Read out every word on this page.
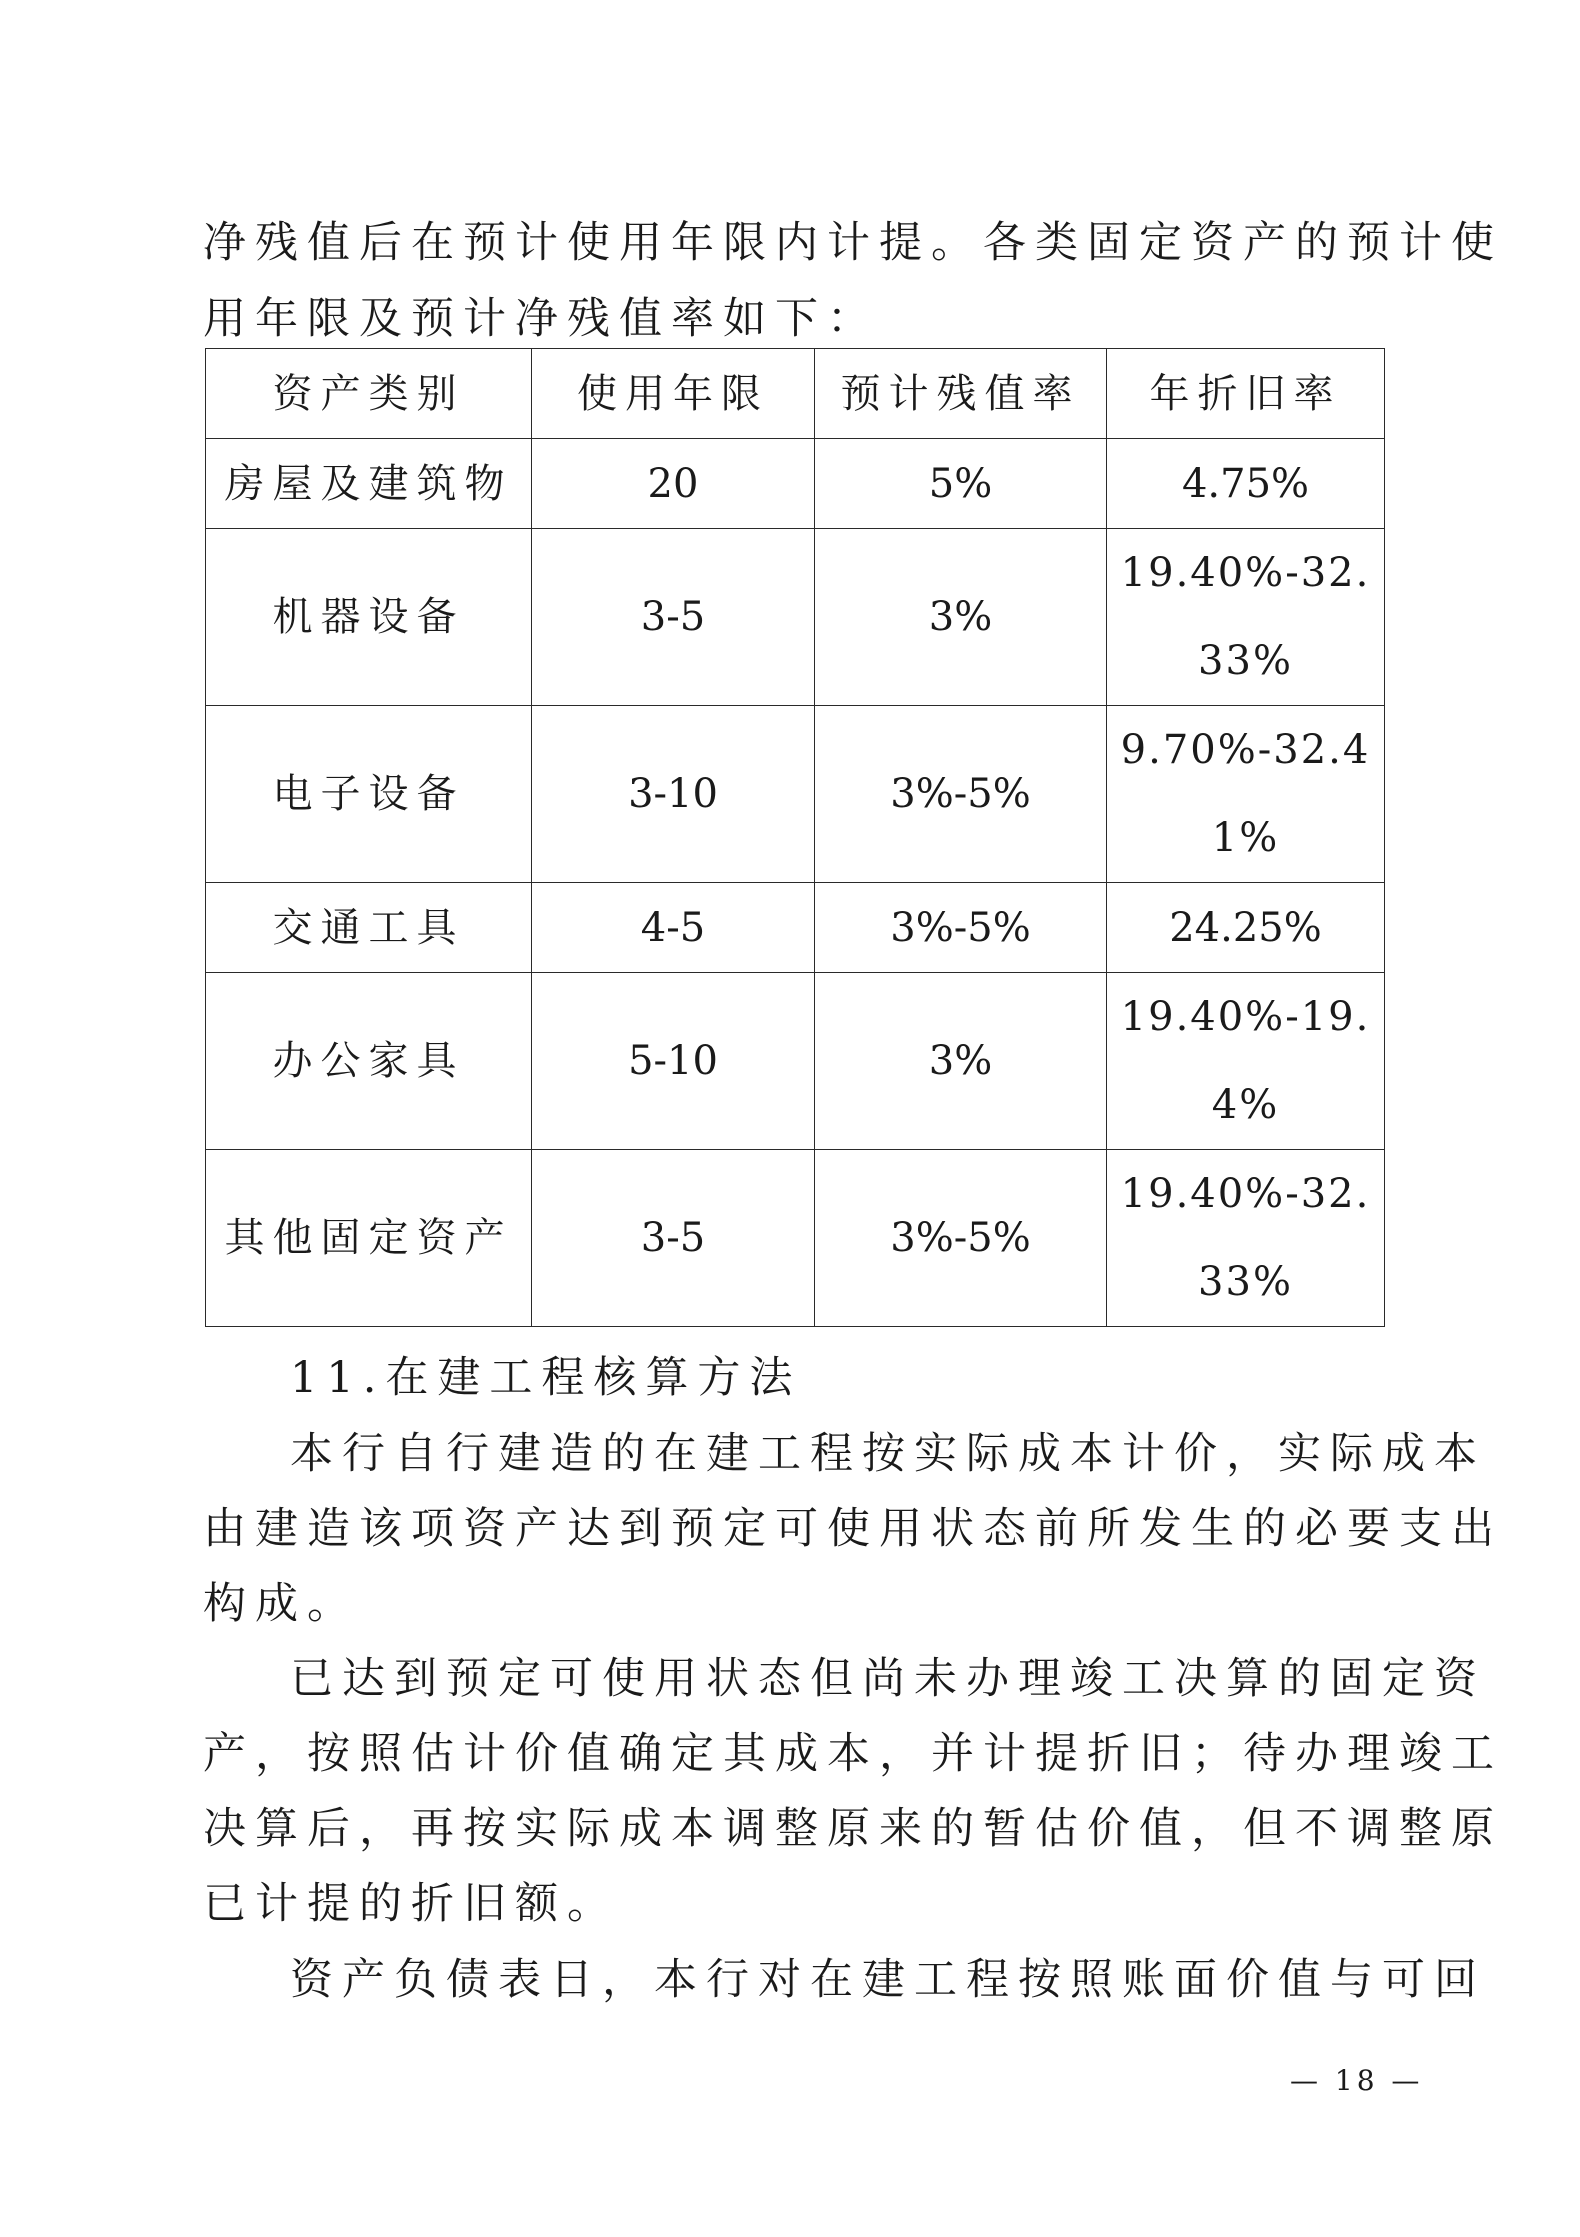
净残值后在预计使用年限内计提。各类固定资产的预计使

用年限及预计净残值率如下：

资产类别	使用年限	预计残值率	年折旧率
房屋及建筑物	20	5%	4.75%
机器设备	3-5	3%	19.40%-32.
33%
电子设备	3-10	3%-5%	9.70%-32.4
1%
交通工具	4-5	3%-5%	24.25%
办公家具	5-10	3%	19.40%-19.
4%
其他固定资产	3-5	3%-5%	19.40%-32.
33%

11.在建工程核算方法

本行自行建造的在建工程按实际成本计价，实际成本

由建造该项资产达到预定可使用状态前所发生的必要支出

构成。

已达到预定可使用状态但尚未办理竣工决算的固定资

产，按照估计价值确定其成本，并计提折旧；待办理竣工

决算后，再按实际成本调整原来的暂估价值，但不调整原

已计提的折旧额。

资产负债表日，本行对在建工程按照账面价值与可回

— 18 —
